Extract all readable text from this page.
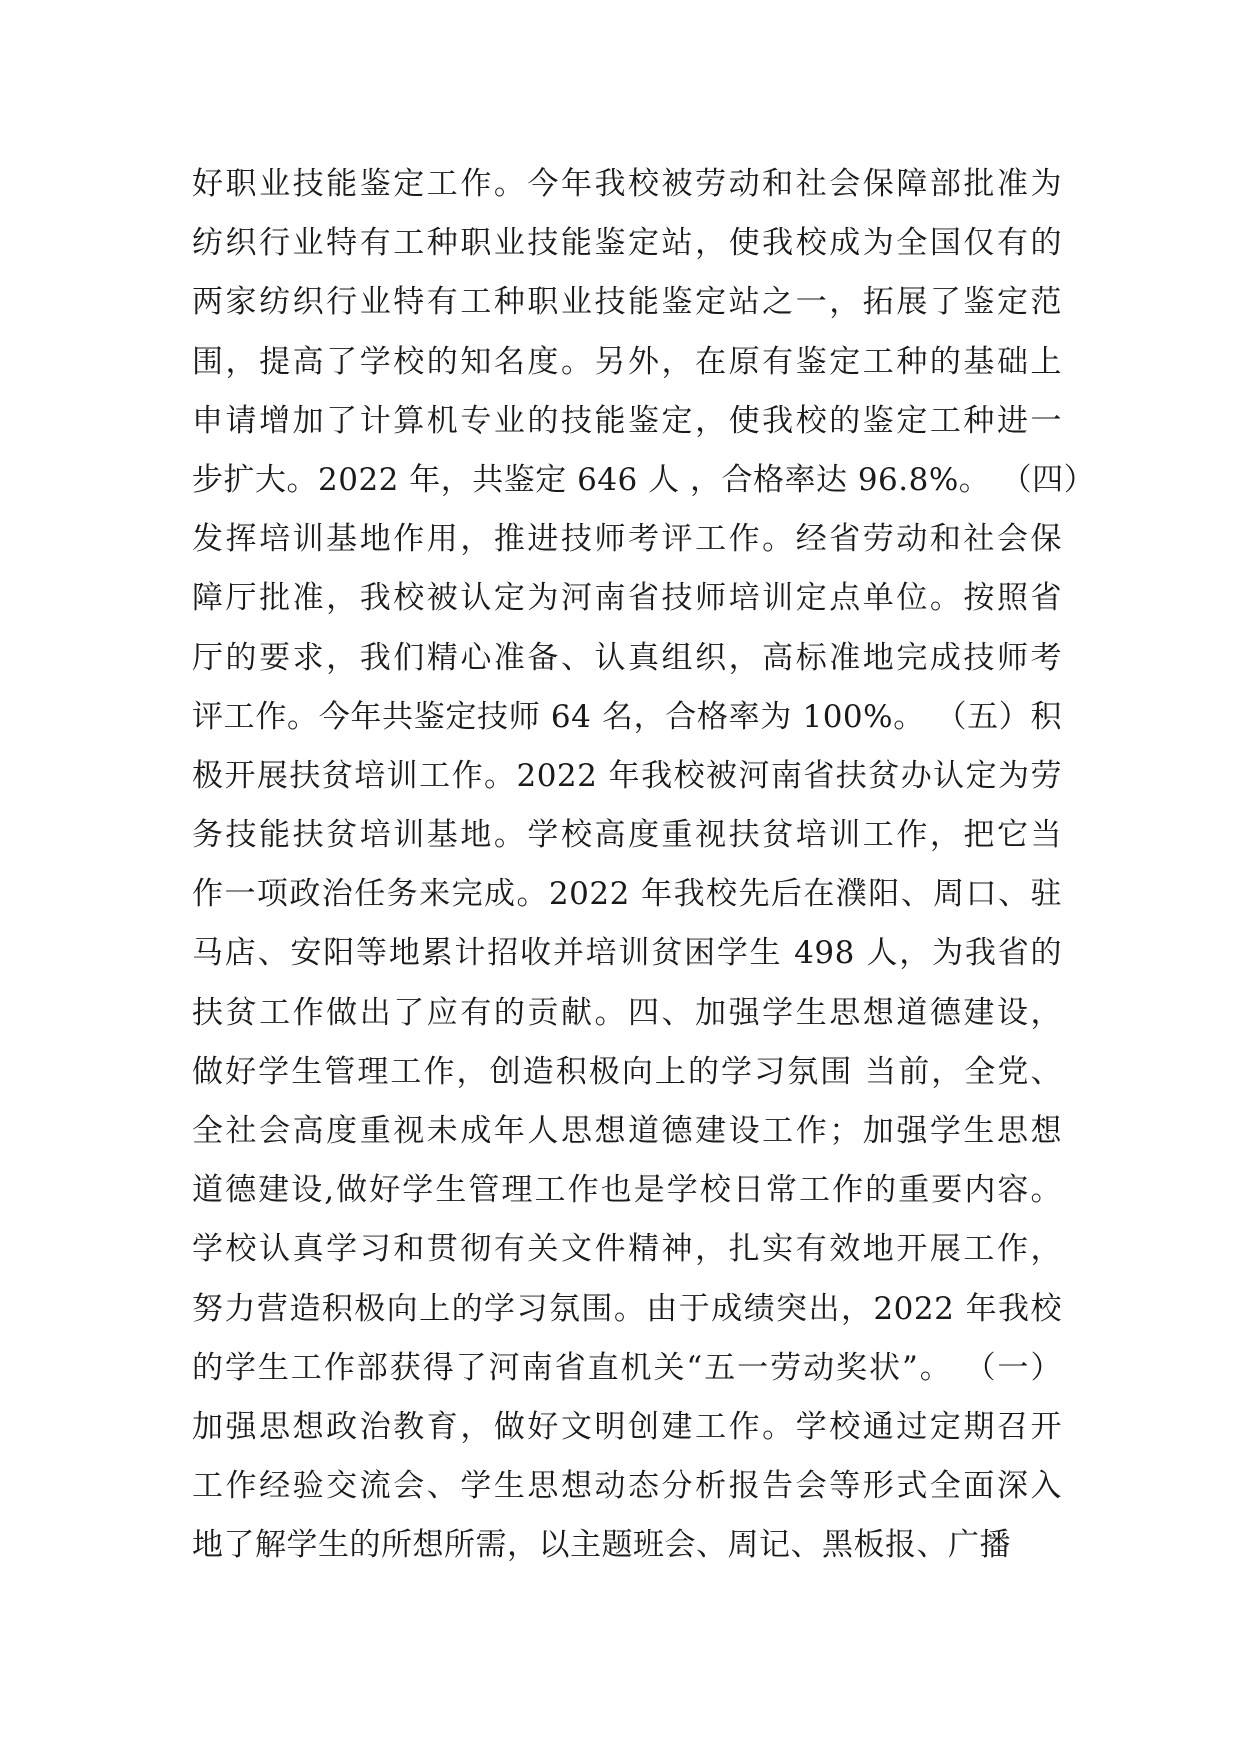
好职业技能鉴定工作。今年我校被劳动和社会保障部批准为
纺织行业特有工种职业技能鉴定站，使我校成为全国仅有的
两家纺织行业特有工种职业技能鉴定站之一，拓展了鉴定范
围，提高了学校的知名度。另外，在原有鉴定工种的基础上
申请增加了计算机专业的技能鉴定，使我校的鉴定工种进一
步扩大。2022 年，共鉴定 646 人 ，合格率达 96.8%。 （四）
发挥培训基地作用，推进技师考评工作。经省劳动和社会保
障厅批准，我校被认定为河南省技师培训定点单位。按照省
厅的要求，我们精心准备、认真组织，高标准地完成技师考
评工作。今年共鉴定技师 64 名，合格率为 100%。 （五）积
极开展扶贫培训工作。2022 年我校被河南省扶贫办认定为劳
务技能扶贫培训基地。学校高度重视扶贫培训工作，把它当
作一项政治任务来完成。2022 年我校先后在濮阳、周口、驻
马店、安阳等地累计招收并培训贫困学生 498 人，为我省的
扶贫工作做出了应有的贡献。四、加强学生思想道德建设，
做好学生管理工作，创造积极向上的学习氛围 当前，全党、
全社会高度重视未成年人思想道德建设工作；加强学生思想
道德建设,做好学生管理工作也是学校日常工作的重要内容。
学校认真学习和贯彻有关文件精神，扎实有效地开展工作，
努力营造积极向上的学习氛围。由于成绩突出，2022 年我校
的学生工作部获得了河南省直机关“五一劳动奖状”。 （一）
加强思想政治教育，做好文明创建工作。学校通过定期召开
工作经验交流会、学生思想动态分析报告会等形式全面深入
地了解学生的所想所需，以主题班会、周记、黑板报、广播
